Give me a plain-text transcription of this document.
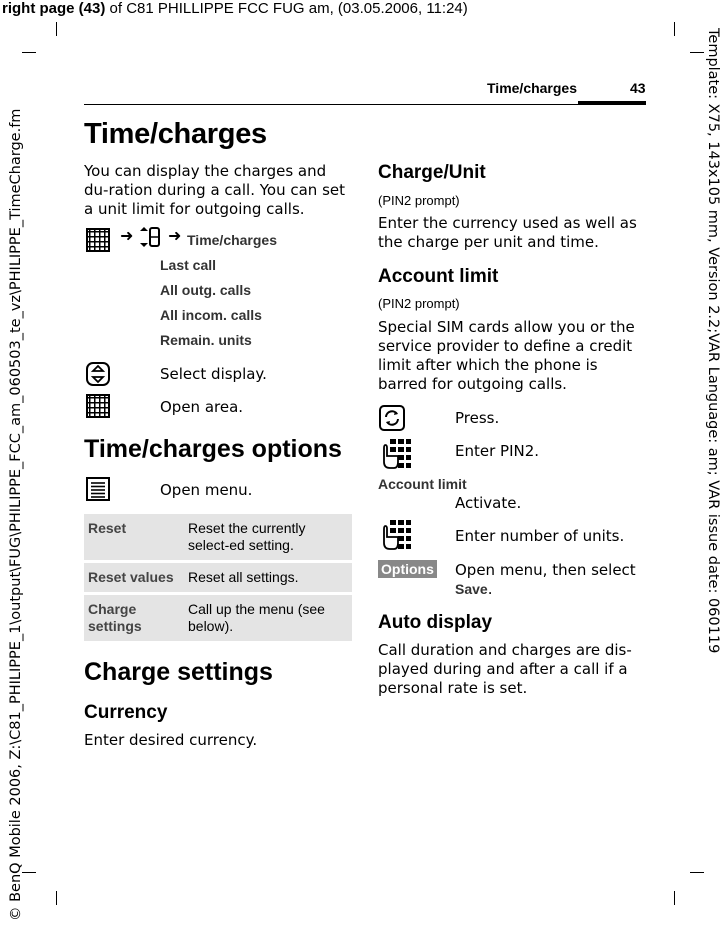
right page (43) of C81 PHILLIPPE FCC FUG am, (03.05.2006, 11:24)
© BenQ Mobile 2006, Z:\C81_PHILIPPE_1\output\FUG\PHILIPPE_FCC_am_060503_te_vz\PHILIPPE_TimeCharge.fm	Template: X75, 143x105 mm, Version 2.2;VAR Language: am; VAR issue date: 060119
Time/charges	43
Time/charges
You can display the charges and du-ration during a call. You can set a unit limit for outgoing calls.
➜ ➜ Time/charges
Last call
All outg. calls
All incom. calls
Remain. units
Select display.
Open area.
Time/charges options
Open menu.
Reset	Reset the currently select-ed setting.
Reset values	Reset all settings.
Charge settings	Call up the menu (see below).
Charge settings
Currency
Enter desired currency.
Charge/Unit
(PIN2 prompt)
Enter the currency used as well as the charge per unit and time.
Account limit
(PIN2 prompt)
Special SIM cards allow you or the service provider to define a credit limit after which the phone is barred for outgoing calls.
Press.
Enter PIN2.
Account limit
Activate.
Enter number of units.
Options Open menu, then select Save.
Auto display
Call duration and charges are dis-played during and after a call if a personal rate is set.
